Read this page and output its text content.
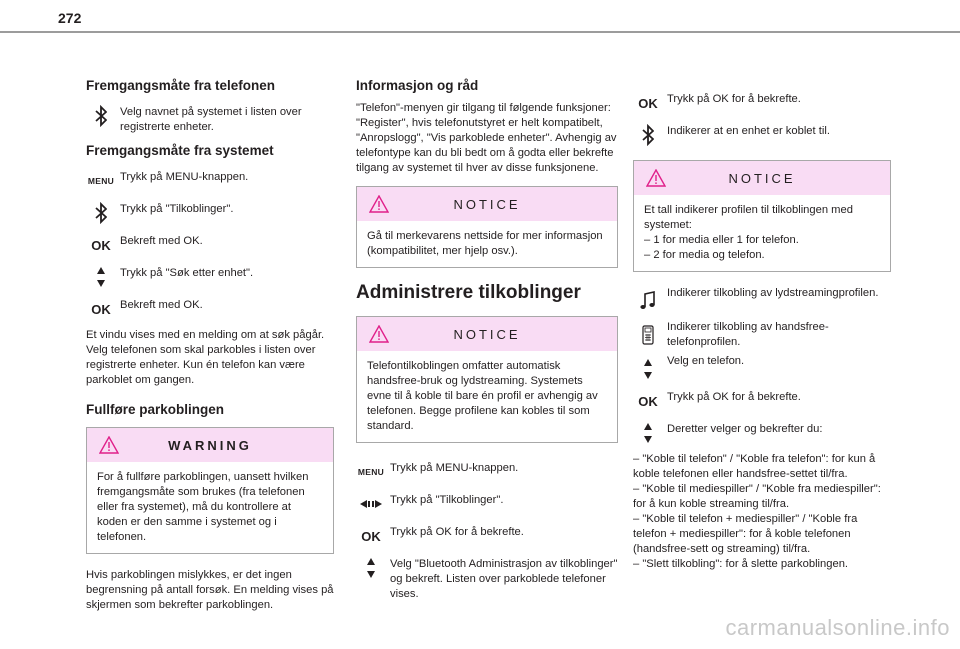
272
Fremgangsmåte fra telefonen

Velg navnet på systemet i listen over registrerte enheter.

Fremgangsmåte fra systemet
MENU Trykk på MENU-knappen.

Trykk på "Tilkoblinger".

OK Bekreft med OK.

Trykk på "Søk etter enhet".

OK Bekreft med OK.

Et vindu vises med en melding om at søk pågår. Velg telefonen som skal parkobles i listen over registrerte enheter. Kun én telefon kan være parkoblet om gangen.

Fullføre parkoblingen
WARNING

For å fullføre parkoblingen, uansett hvilken fremgangsmåte som brukes (fra telefonen eller fra systemet), må du kontrollere at koden er den samme i systemet og i telefonen.

Hvis parkoblingen mislykkes, er det ingen begrensning på antall forsøk. En melding vises på skjermen som bekrefter parkoblingen.

Informasjon og råd

"Telefon"-menyen gir tilgang til følgende funksjoner: "Register", hvis telefonutstyret er helt kompatibelt, "Anropslogg", "Vis parkoblede enheter". Avhengig av telefontype kan du bli bedt om å godta eller bekrefte tilgang av systemet til hver av disse funksjonene.

NOTICE

Gå til merkevarens nettside for mer informasjon (kompatibilitet, mer hjelp osv.).

Administrere tilkoblinger
NOTICE

Telefontilkoblingen omfatter automatisk handsfree-bruk og lydstreaming. Systemets evne til å koble til bare én profil er avhengig av telefonen. Begge profilene kan kobles til som standard.

MENU Trykk på MENU-knappen.

Trykk på "Tilkoblinger".

OK Trykk på OK for å bekrefte.

Velg "Bluetooth Administrasjon av tilkoblinger" og bekreft. Listen over parkoblede telefoner vises.

OK Trykk på OK for å bekrefte.

Indikerer at en enhet er koblet til.

NOTICE

Et tall indikerer profilen til tilkoblingen med systemet:
– 1 for media eller 1 for telefon.
– 2 for media og telefon.

Indikerer tilkobling av lydstreamingprofilen.

Indikerer tilkobling av handsfree-telefonprofilen.

Velg en telefon.

OK Trykk på OK for å bekrefte.

Deretter velger og bekrefter du:

– "Koble til telefon" / "Koble fra telefon": for kun å koble telefonen eller handsfree-settet til/fra.
– "Koble til mediespiller" / "Koble fra mediespiller": for å kun koble streaming til/fra.
– "Koble til telefon + mediespiller" / "Koble fra telefon + mediespiller": for å koble telefonen (handsfree-sett og streaming) til/fra.
– "Slett tilkobling": for å slette parkoblingen.

carmanualsonline.info
